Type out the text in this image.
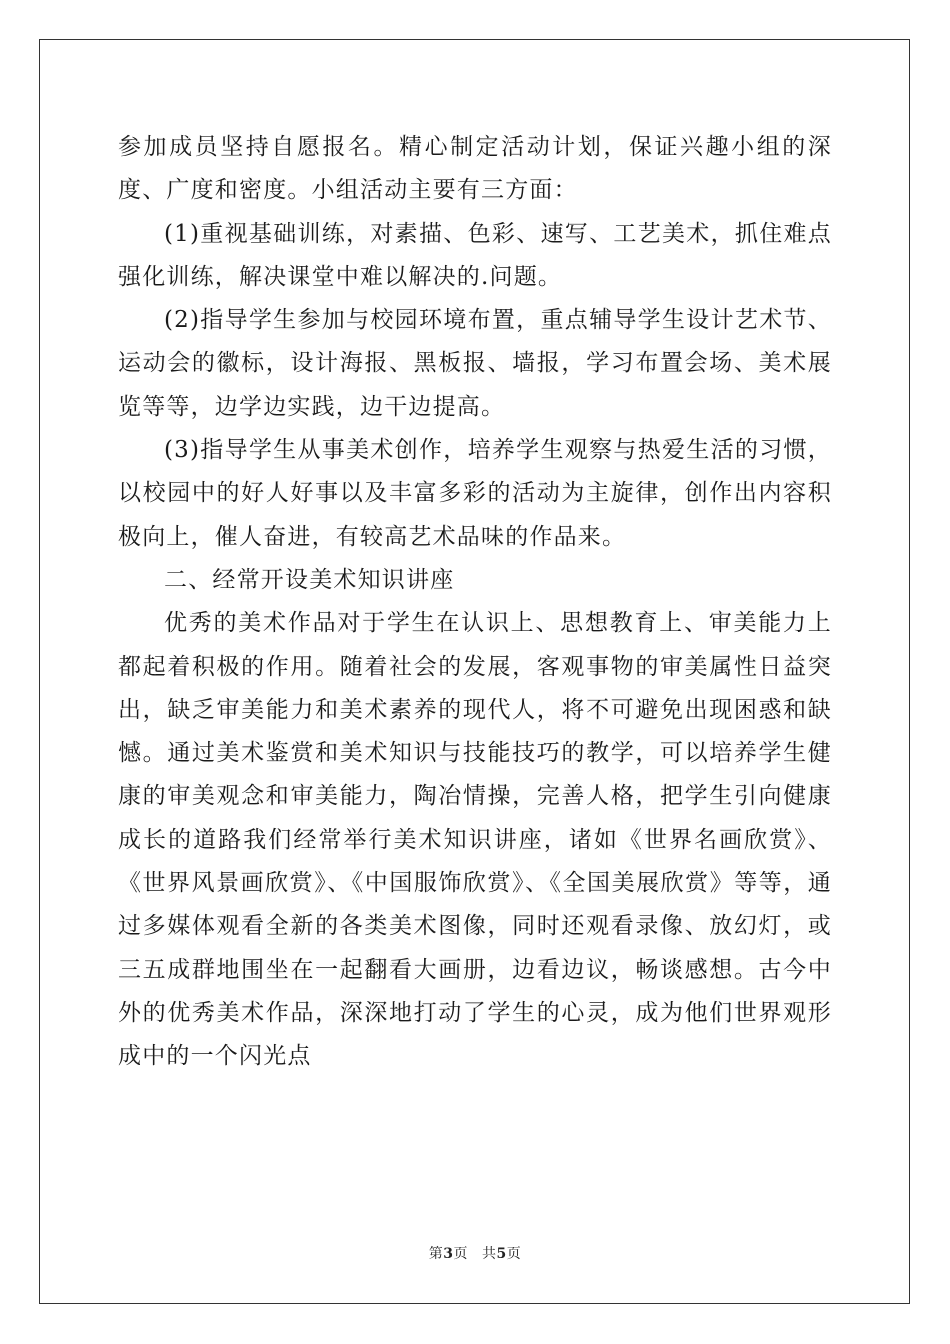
参加成员坚持自愿报名。精心制定活动计划，保证兴趣小组的深度、广度和密度。小组活动主要有三方面：

(1)重视基础训练，对素描、色彩、速写、工艺美术，抓住难点强化训练，解决课堂中难以解决的.问题。

(2)指导学生参加与校园环境布置，重点辅导学生设计艺术节、运动会的徽标，设计海报、黑板报、墙报，学习布置会场、美术展览等等，边学边实践，边干边提高。

(3)指导学生从事美术创作，培养学生观察与热爱生活的习惯，以校园中的好人好事以及丰富多彩的活动为主旋律，创作出内容积极向上，催人奋进，有较高艺术品味的作品来。

二、经常开设美术知识讲座

优秀的美术作品对于学生在认识上、思想教育上、审美能力上都起着积极的作用。随着社会的发展，客观事物的审美属性日益突出，缺乏审美能力和美术素养的现代人，将不可避免出现困惑和缺憾。通过美术鉴赏和美术知识与技能技巧的教学，可以培养学生健康的审美观念和审美能力，陶冶情操，完善人格，把学生引向健康成长的道路我们经常举行美术知识讲座，诸如《世界名画欣赏》、《世界风景画欣赏》、《中国服饰欣赏》、《全国美展欣赏》等等，通过多媒体观看全新的各类美术图像，同时还观看录像、放幻灯，或三五成群地围坐在一起翻看大画册，边看边议，畅谈感想。古今中外的优秀美术作品，深深地打动了学生的心灵，成为他们世界观形成中的一个闪光点

第3页 共5页
